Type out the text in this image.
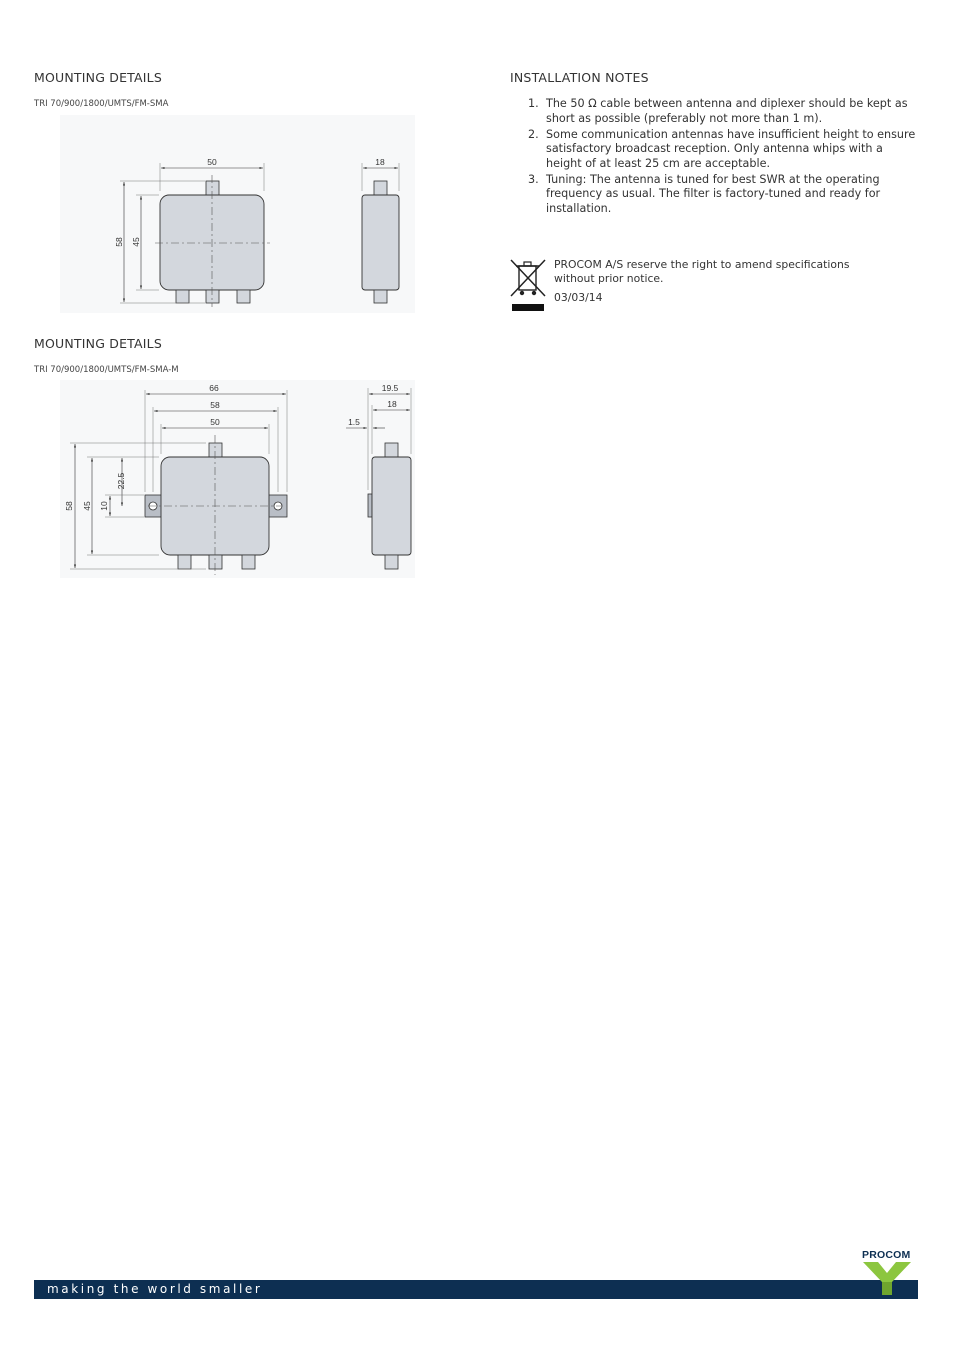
MOUNTING DETAILS
TRI 70/900/1800/UMTS/FM-SMA
50
58 45
18
MOUNTING DETAILS
TRI 70/900/1800/UMTS/FM-SMA-M
66
58
50
58 45
22.5
10
19.5
18
1.5
INSTALLATION NOTES
1. The 50 Ω cable between antenna and diplexer should be kept as short as possible (preferably not more than 1 m).
2. Some communication antennas have insufficient height to ensure satisfactory broadcast reception. Only antenna whips with a height of at least 25 cm are acceptable.
3. Tuning: The antenna is tuned for best SWR at the operating frequency as usual. The filter is factory-tuned and ready for installation.
PROCOM A/S reserve the right to amend specifications
without prior notice.
03/03/14
PROCOM
making the world smaller
